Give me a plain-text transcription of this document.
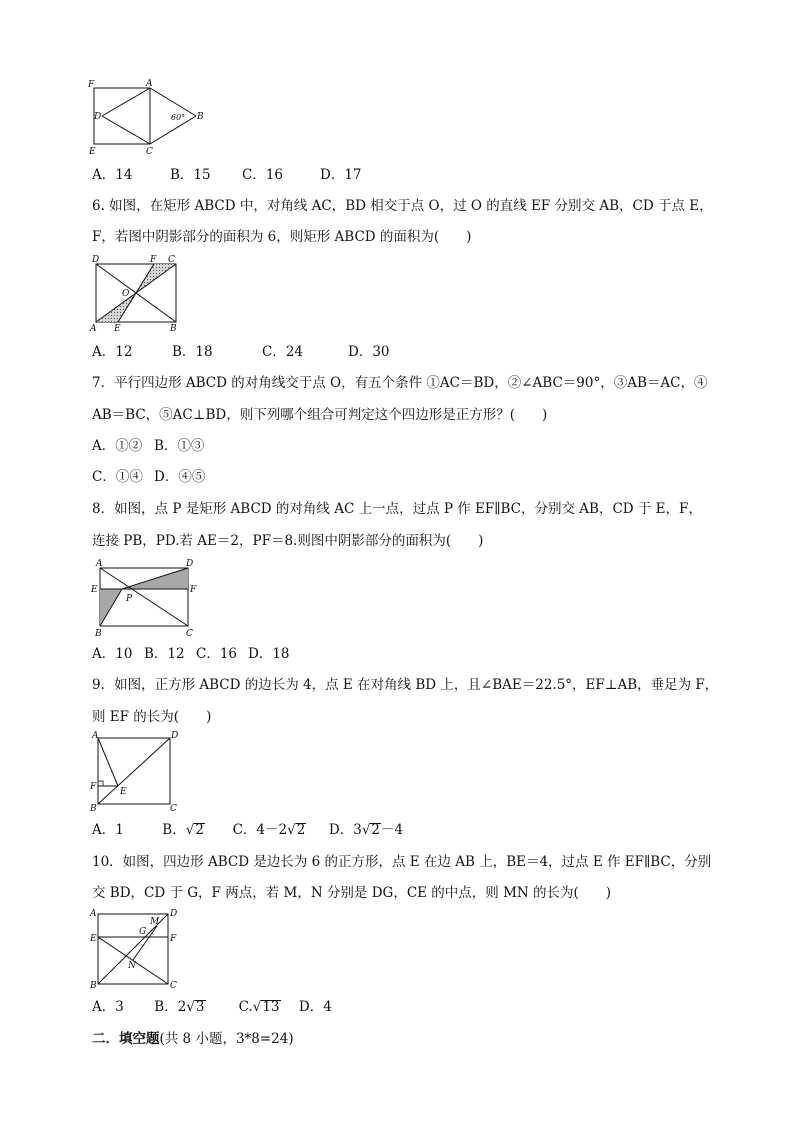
F	A
D	60° B
E	C
A．14	B．15 C．16	D．17
6. 如图，在矩形 ABCD 中，对角线 AC，BD 相交于点 O，过 O 的直线 EF 分别交 AB，CD 于点 E，
F，若图中阴影部分的面积为 6，则矩形 ABCD 的面积为(　　)
D	F C
O
A E	B
A．12	B．18	C．24	D．30
7．平行四边形 ABCD 的对角线交于点 O，有五个条件 ①AC＝BD，②∠ABC＝90°，③AB＝AC，④
AB＝BC，⑤AC⊥BD，则下列哪个组合可判定这个四边形是正方形？(　　)
A．①② B．①③
C．①④ D．④⑤
8．如图，点 P 是矩形 ABCD 的对角线 AC 上一点，过点 P 作 EF∥BC，分别交 AB，CD 于 E，F，
连接 PB，PD.若 AE＝2，PF＝8.则图中阴影部分的面积为(　　)
A	D
E	F
P
B	C
A．10 B．12 C．16 D．18
9．如图，正方形 ABCD 的边长为 4，点 E 在对角线 BD 上，且∠BAE＝22.5°，EF⊥AB，垂足为 F，
则 EF 的长为(　　)
A	D
F	E
B	C
A．1	B．√2 C．4－2√2 D．3√2－4
10．如图，四边形 ABCD 是边长为 6 的正方形，点 E 在边 AB 上，BE＝4，过点 E 作 EF∥BC，分别
交 BD，CD 于 G，F 两点，若 M，N 分别是 DG，CE 的中点，则 MN 的长为(　　)
A	D
M
G
E	F
N
B	C
A．3 B．2√3	C.√13 D．4
二．填空题(共 8 小题，3*8=24)
